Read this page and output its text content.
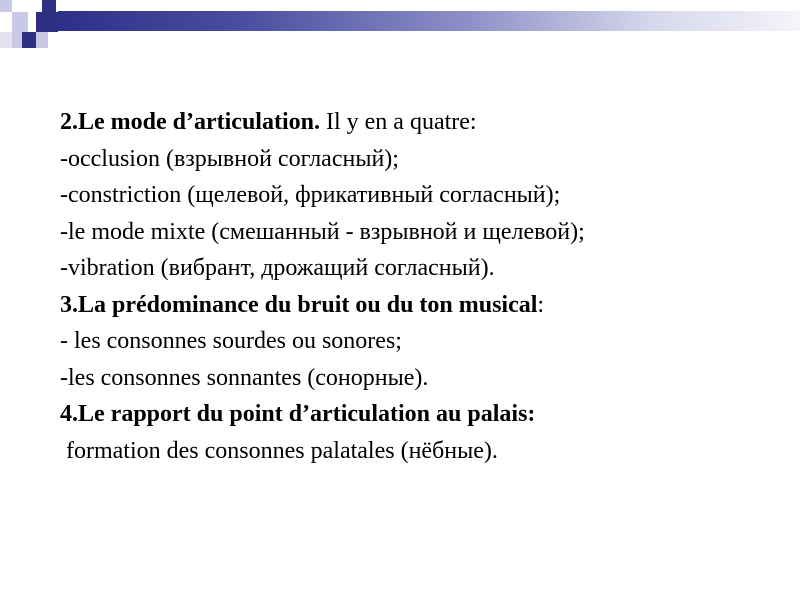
2.Le mode d’articulation. Il y en a quatre:
-occlusion (взрывной согласный);
-constriction (щелевой, фрикативный согласный);
-le mode mixte (смешанный - взрывной и щелевой);
-vibration (вибрант, дрожащий согласный).
3.La prédominance du bruit ou du ton musical:
- les consonnes sourdes ou sonores;
-les consonnes sonnantes (сонорные).
4.Le rapport du point d’articulation au palais:
formation des consonnes palatales (нёбные).
